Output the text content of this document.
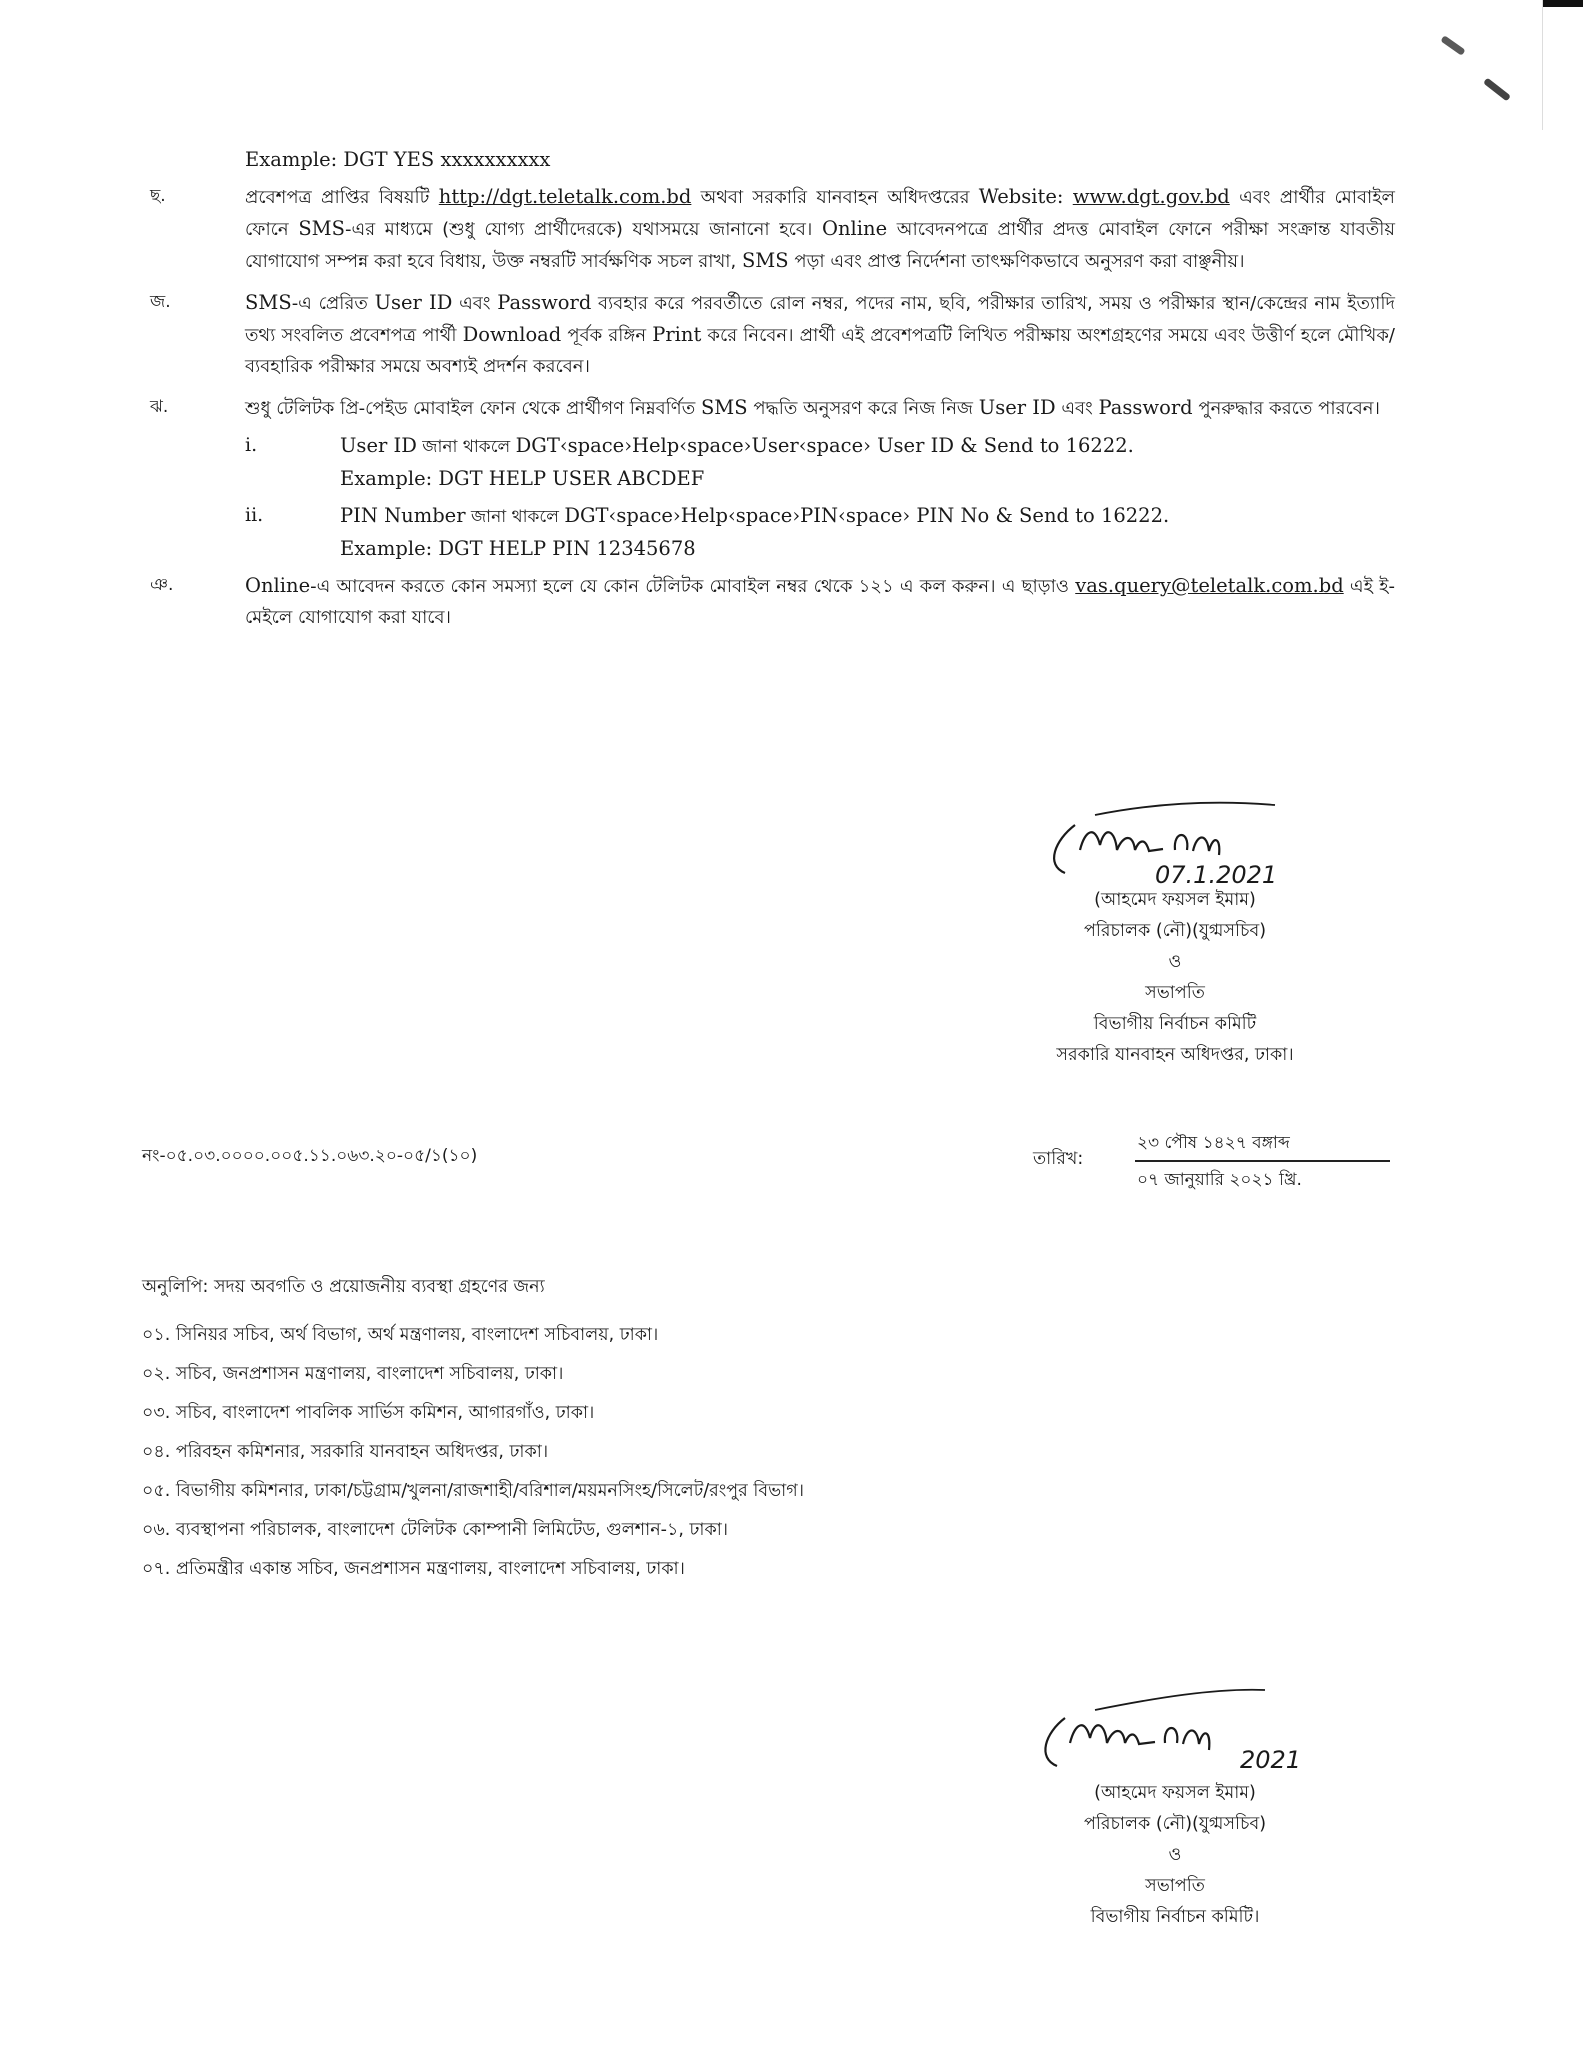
Example: DGT YES xxxxxxxxxx
ছ.	প্রবেশপত্র প্রাপ্তির বিষয়টি http://dgt.teletalk.com.bd অথবা সরকারি যানবাহন অধিদপ্তরের Website: www.dgt.gov.bd এবং প্রার্থীর মোবাইল ফোনে SMS-এর মাধ্যমে (শুধু যোগ্য প্রার্থীদেরকে) যথাসময়ে জানানো হবে। Online আবেদনপত্রে প্রার্থীর প্রদত্ত মোবাইল ফোনে পরীক্ষা সংক্রান্ত যাবতীয় যোগাযোগ সম্পন্ন করা হবে বিধায়, উক্ত নম্বরটি সার্বক্ষণিক সচল রাখা, SMS পড়া এবং প্রাপ্ত নির্দেশনা তাৎক্ষণিকভাবে অনুসরণ করা বাঞ্ছনীয়।
জ.	SMS-এ প্রেরিত User ID এবং Password ব্যবহার করে পরবর্তীতে রোল নম্বর, পদের নাম, ছবি, পরীক্ষার তারিখ, সময় ও পরীক্ষার স্থান/কেন্দ্রের নাম ইত্যাদি তথ্য সংবলিত প্রবেশপত্র পার্থী Download পূর্বক রঙ্গিন Print করে নিবেন। প্রার্থী এই প্রবেশপত্রটি লিখিত পরীক্ষায় অংশগ্রহণের সময়ে এবং উত্তীর্ণ হলে মৌখিক/ব্যবহারিক পরীক্ষার সময়ে অবশ্যই প্রদর্শন করবেন।
ঝ.	শুধু টেলিটক প্রি-পেইড মোবাইল ফোন থেকে প্রার্থীগণ নিম্নবর্ণিত SMS পদ্ধতি অনুসরণ করে নিজ নিজ User ID এবং Password পুনরুদ্ধার করতে পারবেন।
i.	User ID জানা থাকলে DGT‹space›Help‹space›User‹space› User ID & Send to 16222.
Example: DGT HELP USER ABCDEF
ii.	PIN Number জানা থাকলে DGT‹space›Help‹space›PIN‹space› PIN No & Send to 16222.
Example: DGT HELP PIN 12345678
ঞ.	Online-এ আবেদন করতে কোন সমস্যা হলে যে কোন টেলিটক মোবাইল নম্বর থেকে ১২১ এ কল করুন। এ ছাড়াও vas.query@teletalk.com.bd এই ই-মেইলে যোগাযোগ করা যাবে।
07.1.2021
(আহমেদ ফয়সল ইমাম)
পরিচালক (নৌ)(যুগ্মসচিব)
ও
সভাপতি
বিভাগীয় নির্বাচন কমিটি
সরকারি যানবাহন অধিদপ্তর, ঢাকা।
নং-০৫.০৩.০০০০.০০৫.১১.০৬৩.২০-০৫/১(১০)	তারিখ:
২৩ পৌষ ১৪২৭ বঙ্গাব্দ
০৭ জানুয়ারি ২০২১ খ্রি.
অনুলিপি: সদয় অবগতি ও প্রয়োজনীয় ব্যবস্থা গ্রহণের জন্য
০১. সিনিয়র সচিব, অর্থ বিভাগ, অর্থ মন্ত্রণালয়, বাংলাদেশ সচিবালয়, ঢাকা।
০২. সচিব, জনপ্রশাসন মন্ত্রণালয়, বাংলাদেশ সচিবালয়, ঢাকা।
০৩. সচিব, বাংলাদেশ পাবলিক সার্ভিস কমিশন, আগারগাঁও, ঢাকা।
০৪. পরিবহন কমিশনার, সরকারি যানবাহন অধিদপ্তর, ঢাকা।
০৫. বিভাগীয় কমিশনার, ঢাকা/চট্টগ্রাম/খুলনা/রাজশাহী/বরিশাল/ময়মনসিংহ/সিলেট/রংপুর বিভাগ।
০৬. ব্যবস্থাপনা পরিচালক, বাংলাদেশ টেলিটক কোম্পানী লিমিটেড, গুলশান-১, ঢাকা।
০৭. প্রতিমন্ত্রীর একান্ত সচিব, জনপ্রশাসন মন্ত্রণালয়, বাংলাদেশ সচিবালয়, ঢাকা।
2021
(আহমেদ ফয়সল ইমাম)
পরিচালক (নৌ)(যুগ্মসচিব)
ও
সভাপতি
বিভাগীয় নির্বাচন কমিটি।
